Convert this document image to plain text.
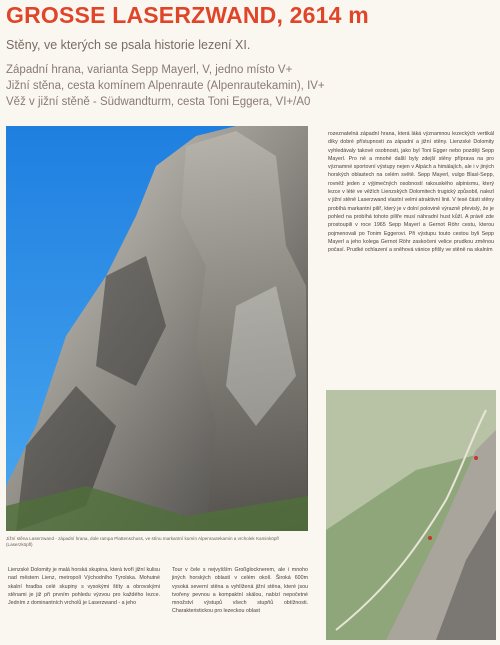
GROSSE LASERZWAND, 2614 m
Stěny, ve kterých se psala historie lezení XI.
Západní hrana, varianta Sepp Mayerl, V, jedno místo V+
Jižní stěna, cesta komínem Alpenraute (Alpenrautekamin), IV+
Věž v jižní stěně - Südwandturm, cesta Toni Eggera, VI+/A0
Jižní stěna Laserzwand - západní hrana, dole rampa Plattenschuss, ve stínu markantní komín Alpenrautekamin a vrcholek Kaminköpfl (Laserzköpfl)

rozeznatelná západní hrana, která láká významnou lezeckých vertikál díky dobré přístupnosti za západní a jižní stěny. Lienzské Dolomity vyhledávaly takové osobnosti, jako byl Toni Egger nebo později Sepp Mayerl. Pro ně a mnohé další byly zdejší stěny příprava na pro významné sportovní výstupy nejen v Alpách a himálajích, ale i v jiných horských oblastech na celém světě. Sepp Mayerl, vulgo Blasl-Sepp, rovněž jeden z výjimečných osobností rakouského alpinismu, který lezce v lété ve věžích Lienzských Dolomitech trugický způsobil, nalezl v jižní stěně Laserzwand vlastní velmi atraktivní linii. V tesé části stěny probíhá markantní pilíř, který je v dolní polovině výrazně převislý, že je pohled na probíhá tohoto pilíře musí náhradní hust kůží. A právě zde prostoupili v roce 1965 Sepp Mayerl a Gernot Röhr cestu, kterou pojmenovali po Tonim Eggerovi. Při výstupu touto cestou byli Sepp Mayerl a jeho kolega Gernot Röhr zaskočeni velice prudkou změnou počasí. Prudké ochlazení a sněhová vánice přišly ve stěně na skalním

Lienzské Dolomity je malá horská skupina, která tvoří jižní kulisu nad městem Lienz, metropolí Východního Tyrolska. Mohutné skalní hradba celé skupiny s vysokými štíty a obrovskými stěnami je již při prvním pohledu výzvou pro každého lezce. Jedním z dominantních vrcholů je Laserzwand - a jeho

Tour v čele s nejvyšším Großglocknerem, ale i mnoho jiných horských oblastí v celém okolí. Široká 600m vysoká severní stěna a vyhlížená jižní stěna, které jsou tvořeny pevnou a kompaktní skálou, nabízí nepočetné množství výstupů všech stupňů obtížnosti. Charakteristickou pro lezeckou oblast
